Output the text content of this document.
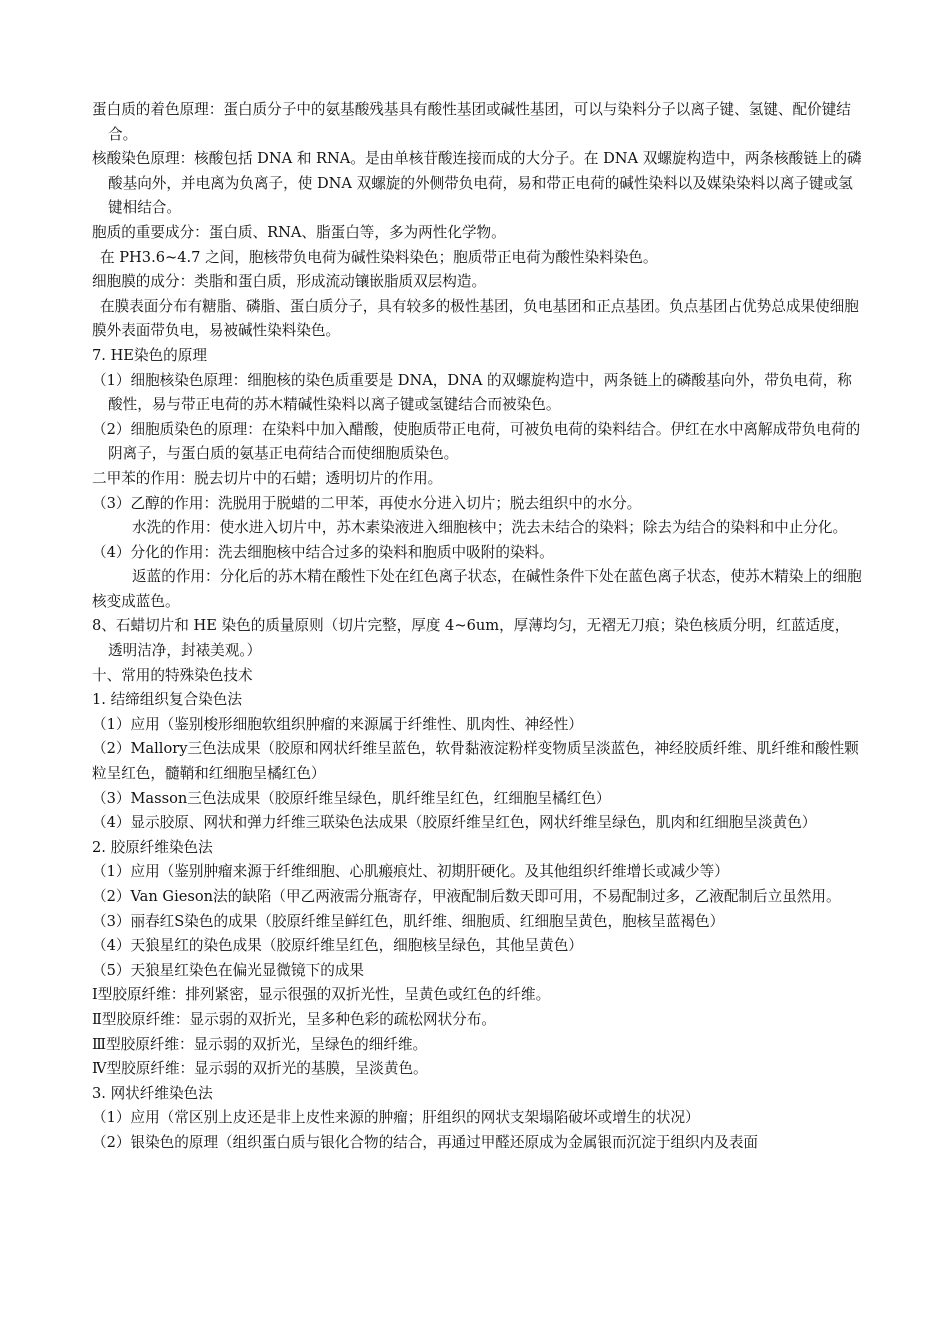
蛋白质的着色原理：蛋白质分子中的氨基酸残基具有酸性基团或碱性基团，可以与染料分子以离子键、氢键、配价键结合。

核酸染色原理：核酸包括 DNA 和 RNA。是由单核苷酸连接而成的大分子。在 DNA 双螺旋构造中，两条核酸链上的磷酸基向外，并电离为负离子，使 DNA 双螺旋的外侧带负电荷，易和带正电荷的碱性染料以及媒染染料以离子键或氢键相结合。

胞质的重要成分：蛋白质、RNA、脂蛋白等，多为两性化学物。

在 PH3.6~4.7 之间，胞核带负电荷为碱性染料染色；胞质带正电荷为酸性染料染色。

细胞膜的成分：类脂和蛋白质，形成流动镶嵌脂质双层构造。

在膜表面分布有糖脂、磷脂、蛋白质分子，具有较多的极性基团，负电基团和正点基团。负点基团占优势总成果使细胞膜外表面带负电，易被碱性染料染色。

7. HE染色的原理

（1）细胞核染色原理：细胞核的染色质重要是 DNA，DNA 的双螺旋构造中，两条链上的磷酸基向外，带负电荷，称酸性，易与带正电荷的苏木精碱性染料以离子键或氢键结合而被染色。

（2）细胞质染色的原理：在染料中加入醋酸，使胞质带正电荷，可被负电荷的染料结合。伊红在水中离解成带负电荷的阴离子，与蛋白质的氨基正电荷结合而使细胞质染色。

二甲苯的作用：脱去切片中的石蜡；透明切片的作用。

（3）乙醇的作用：洗脱用于脱蜡的二甲苯，再使水分进入切片；脱去组织中的水分。

水洗的作用：使水进入切片中，苏木素染液进入细胞核中；洗去未结合的染料；除去为结合的染料和中止分化。

（4）分化的作用：洗去细胞核中结合过多的染料和胞质中吸附的染料。

返蓝的作用：分化后的苏木精在酸性下处在红色离子状态，在碱性条件下处在蓝色离子状态，使苏木精染上的细胞核变成蓝色。

8、石蜡切片和 HE 染色的质量原则（切片完整，厚度 4~6um，厚薄均匀，无褶无刀痕；染色核质分明，红蓝适度，透明洁净，封裱美观。）

十、常用的特殊染色技术

1. 结缔组织复合染色法

（1）应用（鉴别梭形细胞软组织肿瘤的来源属于纤维性、肌肉性、神经性）

（2）Mallory三色法成果（胶原和网状纤维呈蓝色，软骨黏液淀粉样变物质呈淡蓝色，神经胶质纤维、肌纤维和酸性颗粒呈红色，髓鞘和红细胞呈橘红色）

（3）Masson三色法成果（胶原纤维呈绿色，肌纤维呈红色，红细胞呈橘红色）

（4）显示胶原、网状和弹力纤维三联染色法成果（胶原纤维呈红色，网状纤维呈绿色，肌肉和红细胞呈淡黄色）

2. 胶原纤维染色法

（1）应用（鉴别肿瘤来源于纤维细胞、心肌瘢痕灶、初期肝硬化。及其他组织纤维增长或减少等）

（2）Van Gieson法的缺陷（甲乙两液需分瓶寄存，甲液配制后数天即可用，不易配制过多，乙液配制后立虽然用。

（3）丽春红S染色的成果（胶原纤维呈鲜红色，肌纤维、细胞质、红细胞呈黄色，胞核呈蓝褐色）

（4）天狼星红的染色成果（胶原纤维呈红色，细胞核呈绿色，其他呈黄色）

（5）天狼星红染色在偏光显微镜下的成果

Ⅰ型胶原纤维：排列紧密，显示很强的双折光性，呈黄色或红色的纤维。

Ⅱ型胶原纤维：显示弱的双折光，呈多种色彩的疏松网状分布。

Ⅲ型胶原纤维：显示弱的双折光，呈绿色的细纤维。

Ⅳ型胶原纤维：显示弱的双折光的基膜，呈淡黄色。

3. 网状纤维染色法

（1）应用（常区别上皮还是非上皮性来源的肿瘤；肝组织的网状支架塌陷破坏或增生的状况）

（2）银染色的原理（组织蛋白质与银化合物的结合，再通过甲醛还原成为金属银而沉淀于组织内及表面
